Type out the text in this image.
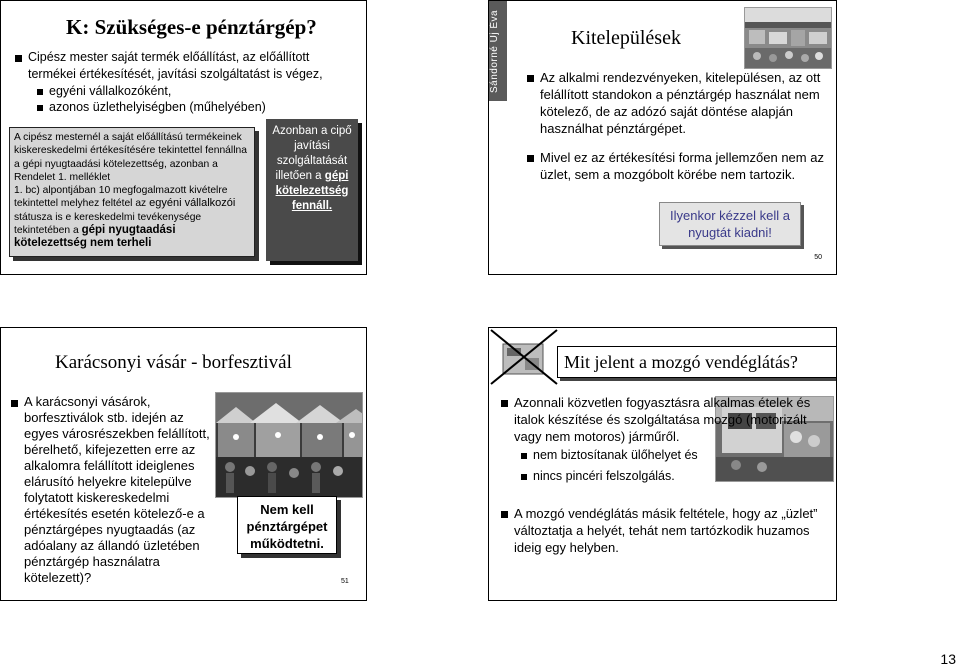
K: Szükséges-e pénztárgép?
Cipész mester saját termék előállítást, az előállított termékei értékesítését, javítási szolgáltatást is végez,
egyéni vállalkozóként,
azonos üzlethelyiségben (műhelyében)
A cipész mesternél a saját előállítású termékeinek kiskereskedelmi értékesítésére tekintettel fennállna a gépi nyugtaadási kötelezettség, azonban a Rendelet 1. melléklet
1. bc) alpontjában 10 megfogalmazott kivételre tekintettel melyhez feltétel az egyéni vállalkozói státusza is e kereskedelmi tevékenysége tekintetében a gépi nyugtaadási kötelezettség nem terheli
Azonban a cipő javítási szolgáltatását illetően a gépi kötelezettség fennáll.
Sándorné Uj Éva	Kitelepülések
Az alkalmi rendezvényeken, kitelepülésen, az ott felállított standokon a pénztárgép használat nem kötelező, de az adózó saját döntése alapján használhat pénztárgépet.
Mivel ez az értékesítési forma jellemzően nem az üzlet, sem a mozgóbolt körébe nem tartozik.
Ilyenkor kézzel kell a nyugtát kiadni!
50
Karácsonyi vásár - borfesztivál
A karácsonyi vásárok, borfesztiválok stb. idején az egyes városrészekben felállított, bérelhető, kifejezetten erre az alkalomra felállított ideiglenes elárusító helyekre kitelepülve folytatott kiskereskedelmi értékesítés esetén kötelező-e a pénztárgépes nyugtaadás (az adóalany az állandó üzletében pénztárgép használatra kötelezett)?
Nem kell pénztárgépet működtetni.
51
Mit jelent a mozgó vendéglátás?
Azonnali közvetlen fogyasztásra alkalmas ételek és italok készítése és szolgáltatása mozgó (motorizált vagy nem motoros) járműről.
nem biztosítanak ülőhelyet és
nincs pincéri felszolgálás.
A mozgó vendéglátás másik feltétele, hogy az „üzlet” változtatja a helyét, tehát nem tartózkodik huzamos ideig egy helyben.
13
